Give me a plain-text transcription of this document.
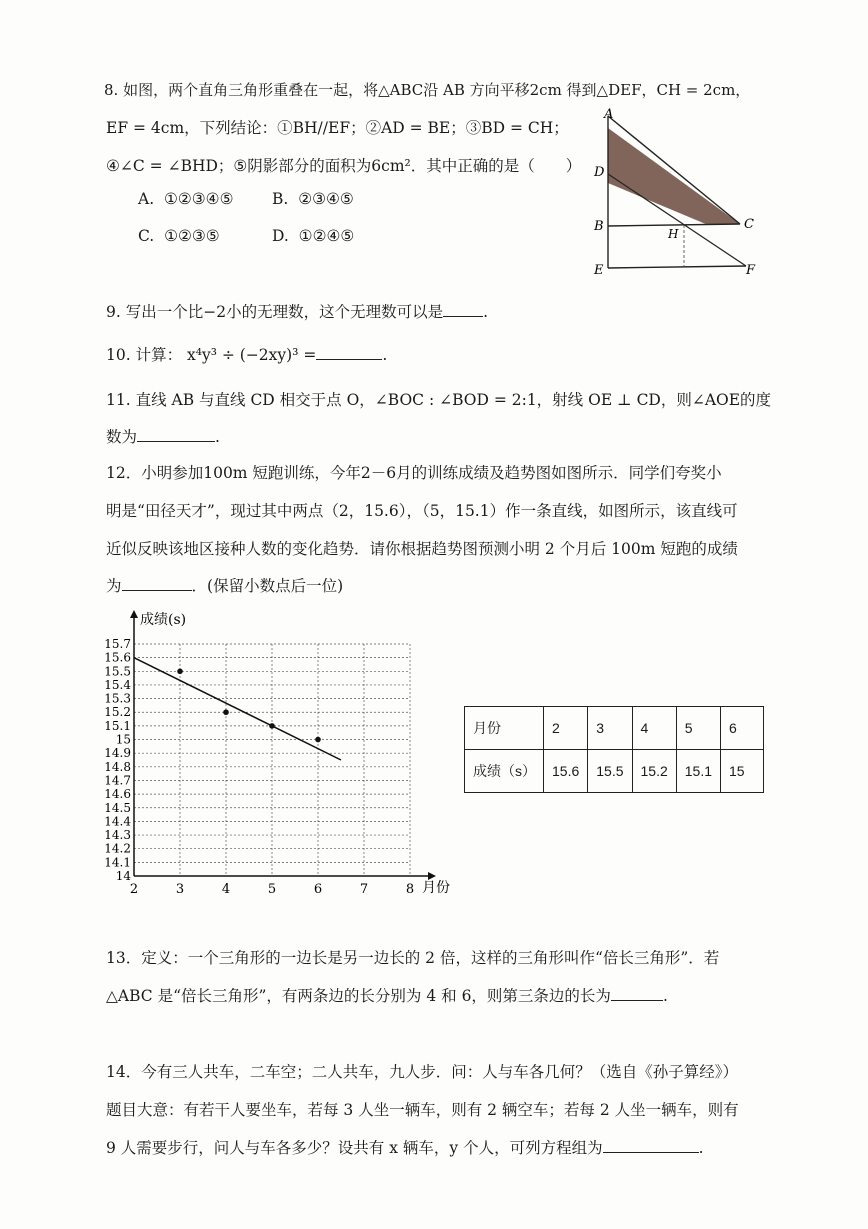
8. 如图，两个直角三角形重叠在一起，将△ABC沿 AB 方向平移2cm 得到△DEF，CH = 2cm，
EF = 4cm，下列结论：①BH//EF；②AD = BE；③BD = CH；
④∠C = ∠BHD；⑤阴影部分的面积为6cm²．其中正确的是（　　）
A. ①②③④⑤ B. ②③④⑤
C. ①②③⑤	D. ①②④⑤
A
D
B
E
C
H
F
9. 写出一个比−2小的无理数，这个无理数可以是	.
10. 计算： x⁴y³ ÷ (−2xy)³ =	.
11. 直线 AB 与直线 CD 相交于点 O，∠BOC : ∠BOD = 2:1，射线 OE ⊥ CD，则∠AOE的度
数为	.
12．小明参加100m 短跑训练，今年2－6月的训练成绩及趋势图如图所示．同学们夸奖小
明是“田径天才”，现过其中两点（2，15.6），（5，15.1）作一条直线，如图所示，该直线可
近似反映该地区接种人数的变化趋势．请你根据趋势图预测小明 2 个月后 100m 短跑的成绩
为	．(保留小数点后一位)
14
14.1
14.2
14.3
14.4
14.5
14.6
14.7
14.8
14.9
15
15.1
15.2
15.3
15.4
15.5
15.6
15.7
2	3	4	5	6	7	8
成绩(s)
月份
月份	2	3	4	5	6
成绩（s）	15.6	15.5	15.2	15.1	15
13．定义：一个三角形的一边长是另一边长的 2 倍，这样的三角形叫作“倍长三角形”．若
△ABC 是“倍长三角形”，有两条边的长分别为 4 和 6，则第三条边的长为	.
14．今有三人共车，二车空；二人共车，九人步．问：人与车各几何？（选自《孙子算经》）
题目大意：有若干人要坐车，若每 3 人坐一辆车，则有 2 辆空车；若每 2 人坐一辆车，则有
9 人需要步行，问人与车各多少？设共有 x 辆车，y 个人，可列方程组为	.
